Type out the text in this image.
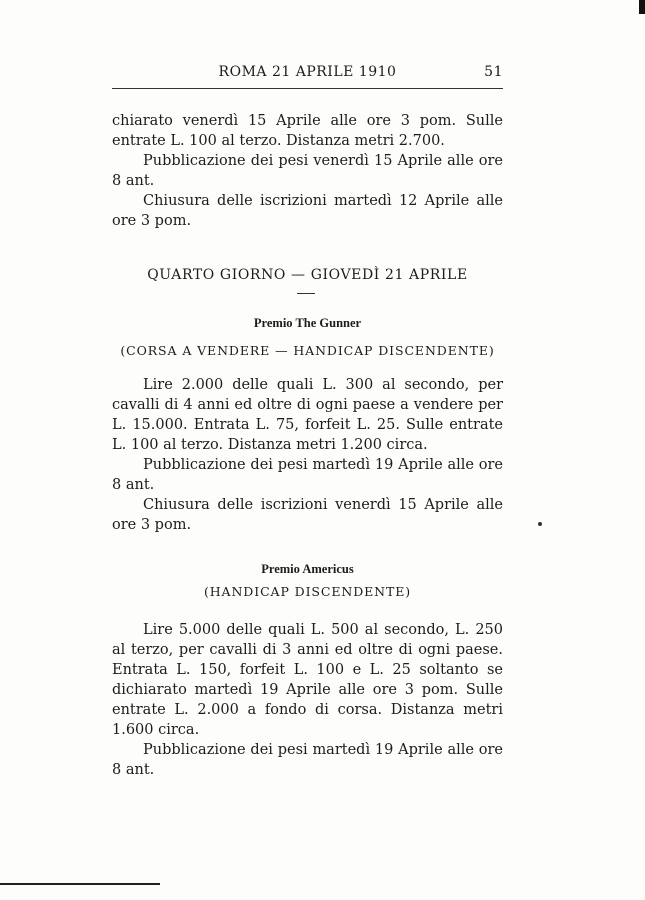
ROMA 21 APRILE 1910	51
chiarato venerdì 15 Aprile alle ore 3 pom. Sulle entrate L. 100 al terzo. Distanza metri 2.700.
Pubblicazione dei pesi venerdì 15 Aprile alle ore 8 ant.
Chiusura delle iscrizioni martedì 12 Aprile alle ore 3 pom.
QUARTO GIORNO — GIOVEDÌ 21 APRILE
Premio The Gunner
(CORSA A VENDERE — HANDICAP DISCENDENTE)
Lire 2.000 delle quali L. 300 al secondo, per cavalli di 4 anni ed oltre di ogni paese a vendere per L. 15.000. Entrata L. 75, forfeit L. 25. Sulle entrate L. 100 al terzo. Distanza metri 1.200 circa.
Pubblicazione dei pesi martedì 19 Aprile alle ore 8 ant.
Chiusura delle iscrizioni venerdì 15 Aprile alle ore 3 pom.
Premio Americus
(HANDICAP DISCENDENTE)
Lire 5.000 delle quali L. 500 al secondo, L. 250 al terzo, per cavalli di 3 anni ed oltre di ogni paese. Entrata L. 150, forfeit L. 100 e L. 25 soltanto se dichiarato martedì 19 Aprile alle ore 3 pom. Sulle entrate L. 2.000 a fondo di corsa. Distanza metri 1.600 circa.
Pubblicazione dei pesi martedì 19 Aprile alle ore 8 ant.
